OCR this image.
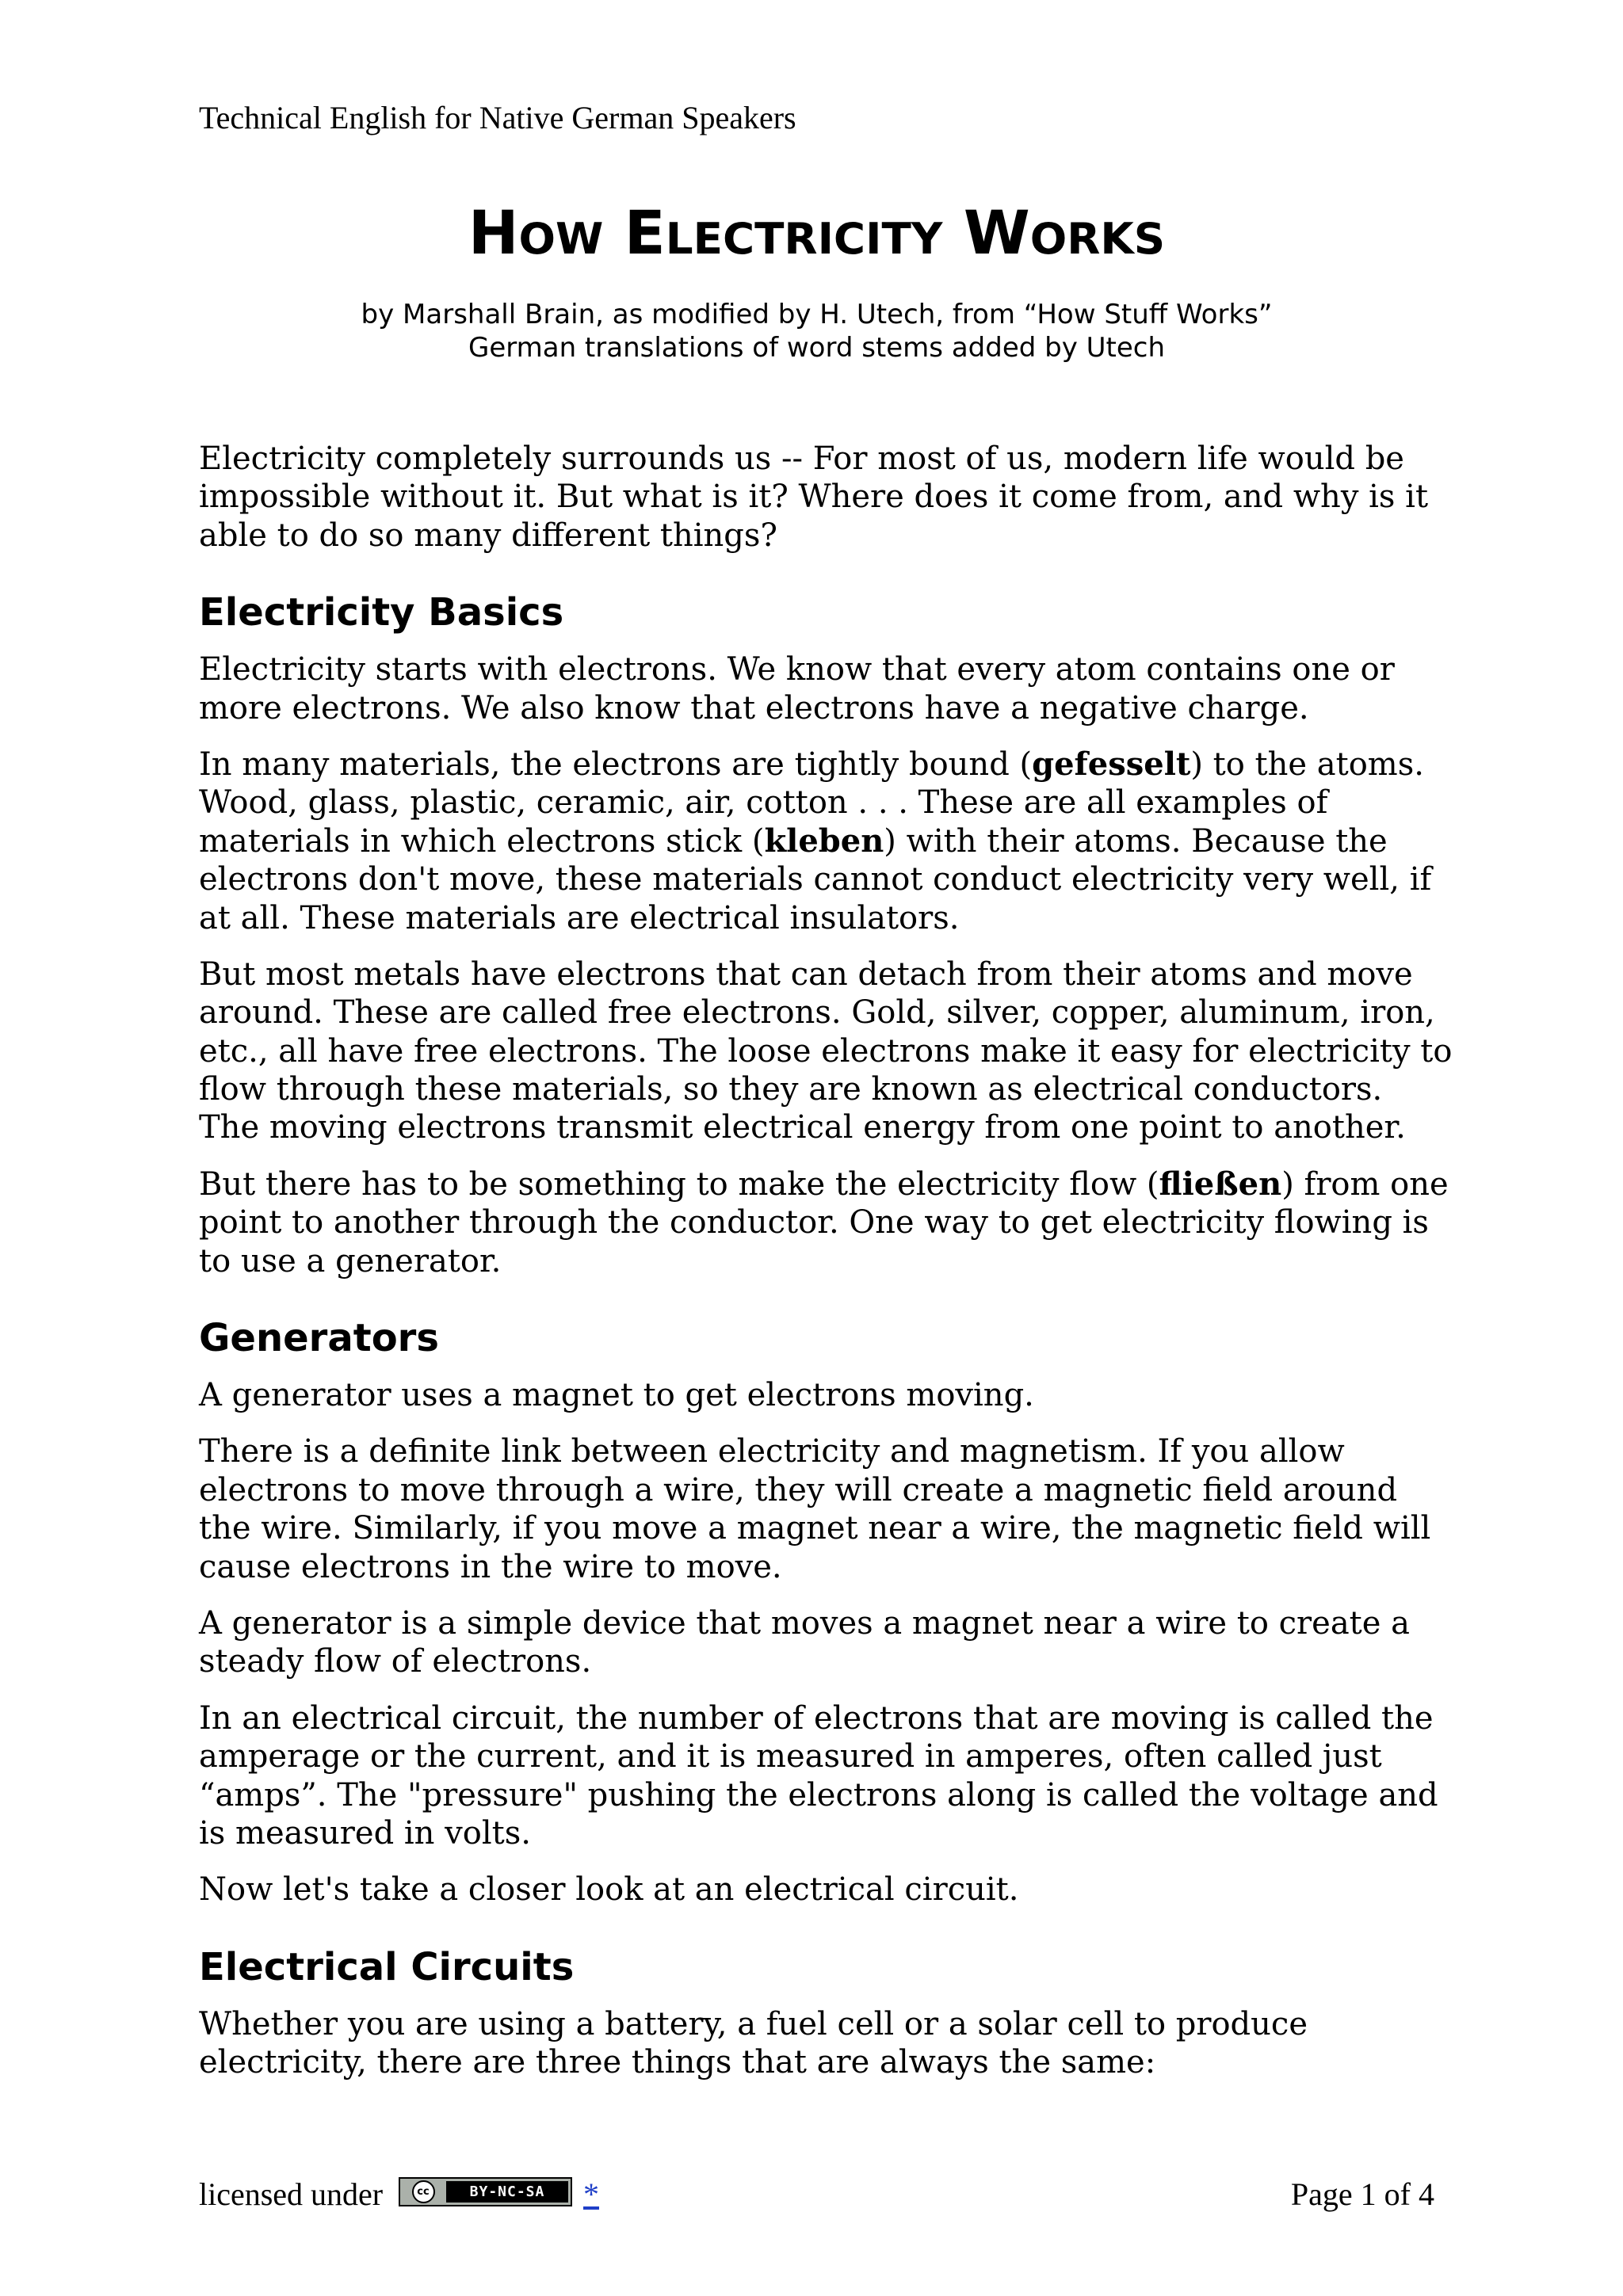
Technical English for Native German Speakers
HOW ELECTRICITY WORKS
by Marshall Brain, as modified by H. Utech, from “How Stuff Works”
German translations of word stems added by Utech
Electricity completely surrounds us -- For most of us, modern life would be
impossible without it. But what is it? Where does it come from, and why is it
able to do so many different things?
Electricity Basics
Electricity starts with electrons. We know that every atom contains one or
more electrons. We also know that electrons have a negative charge.
In many materials, the electrons are tightly bound (gefesselt) to the atoms.
Wood, glass, plastic, ceramic, air, cotton . . . These are all examples of
materials in which electrons stick (kleben) with their atoms. Because the
electrons don't move, these materials cannot conduct electricity very well, if
at all. These materials are electrical insulators.
But most metals have electrons that can detach from their atoms and move
around. These are called free electrons. Gold, silver, copper, aluminum, iron,
etc., all have free electrons. The loose electrons make it easy for electricity to
flow through these materials, so they are known as electrical conductors.
The moving electrons transmit electrical energy from one point to another.
But there has to be something to make the electricity flow (fließen) from one
point to another through the conductor. One way to get electricity flowing is
to use a generator.
Generators
A generator uses a magnet to get electrons moving.
There is a definite link between electricity and magnetism. If you allow
electrons to move through a wire, they will create a magnetic field around
the wire. Similarly, if you move a magnet near a wire, the magnetic field will
cause electrons in the wire to move.
A generator is a simple device that moves a magnet near a wire to create a
steady flow of electrons.
In an electrical circuit, the number of electrons that are moving is called the
amperage or the current, and it is measured in amperes, often called just
“amps”. The "pressure" pushing the electrons along is called the voltage and
is measured in volts.
Now let's take a closer look at an electrical circuit.
Electrical Circuits
Whether you are using a battery, a fuel cell or a solar cell to produce
electricity, there are three things that are always the same:
licensed under	cc	BY-NC-SA	*	Page 1 of 4
